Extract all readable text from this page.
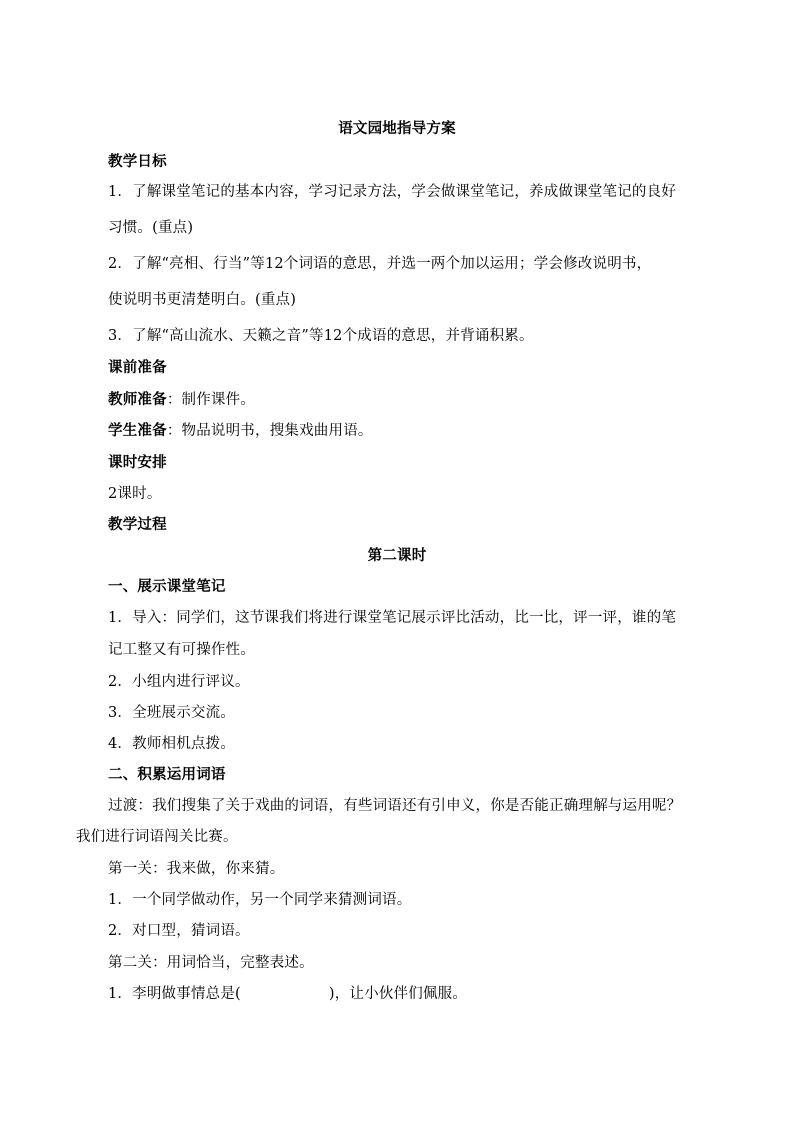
语文园地指导方案
教学日标
1．了解课堂笔记的基本内容，学习记录方法，学会做课堂笔记，养成做课堂笔记的良好
习惯。(重点)
2．了解“亮相、行当”等12个词语的意思，并选一两个加以运用；学会修改说明书，
使说明书更清楚明白。(重点)
3．了解“高山流水、天籁之音”等12个成语的意思，并背诵积累。
课前准备
教师准备：制作课件。
学生准备：物品说明书，搜集戏曲用语。
课时安排
2课时。
教学过程
第二课时
一、展示课堂笔记
1．导入：同学们，这节课我们将进行课堂笔记展示评比活动，比一比，评一评，谁的笔
记工整又有可操作性。
2．小组内进行评议。
3．全班展示交流。
4．教师相机点拨。
二、积累运用词语
过渡：我们搜集了关于戏曲的词语，有些词语还有引申义，你是否能正确理解与运用呢？
我们进行词语闯关比赛。
第一关：我来做，你来猜。
1．一个同学做动作，另一个同学来猜测词语。
2．对口型，猜词语。
第二关：用词恰当，完整表述。
1．李明做事情总是(	)，让小伙伴们佩服。
